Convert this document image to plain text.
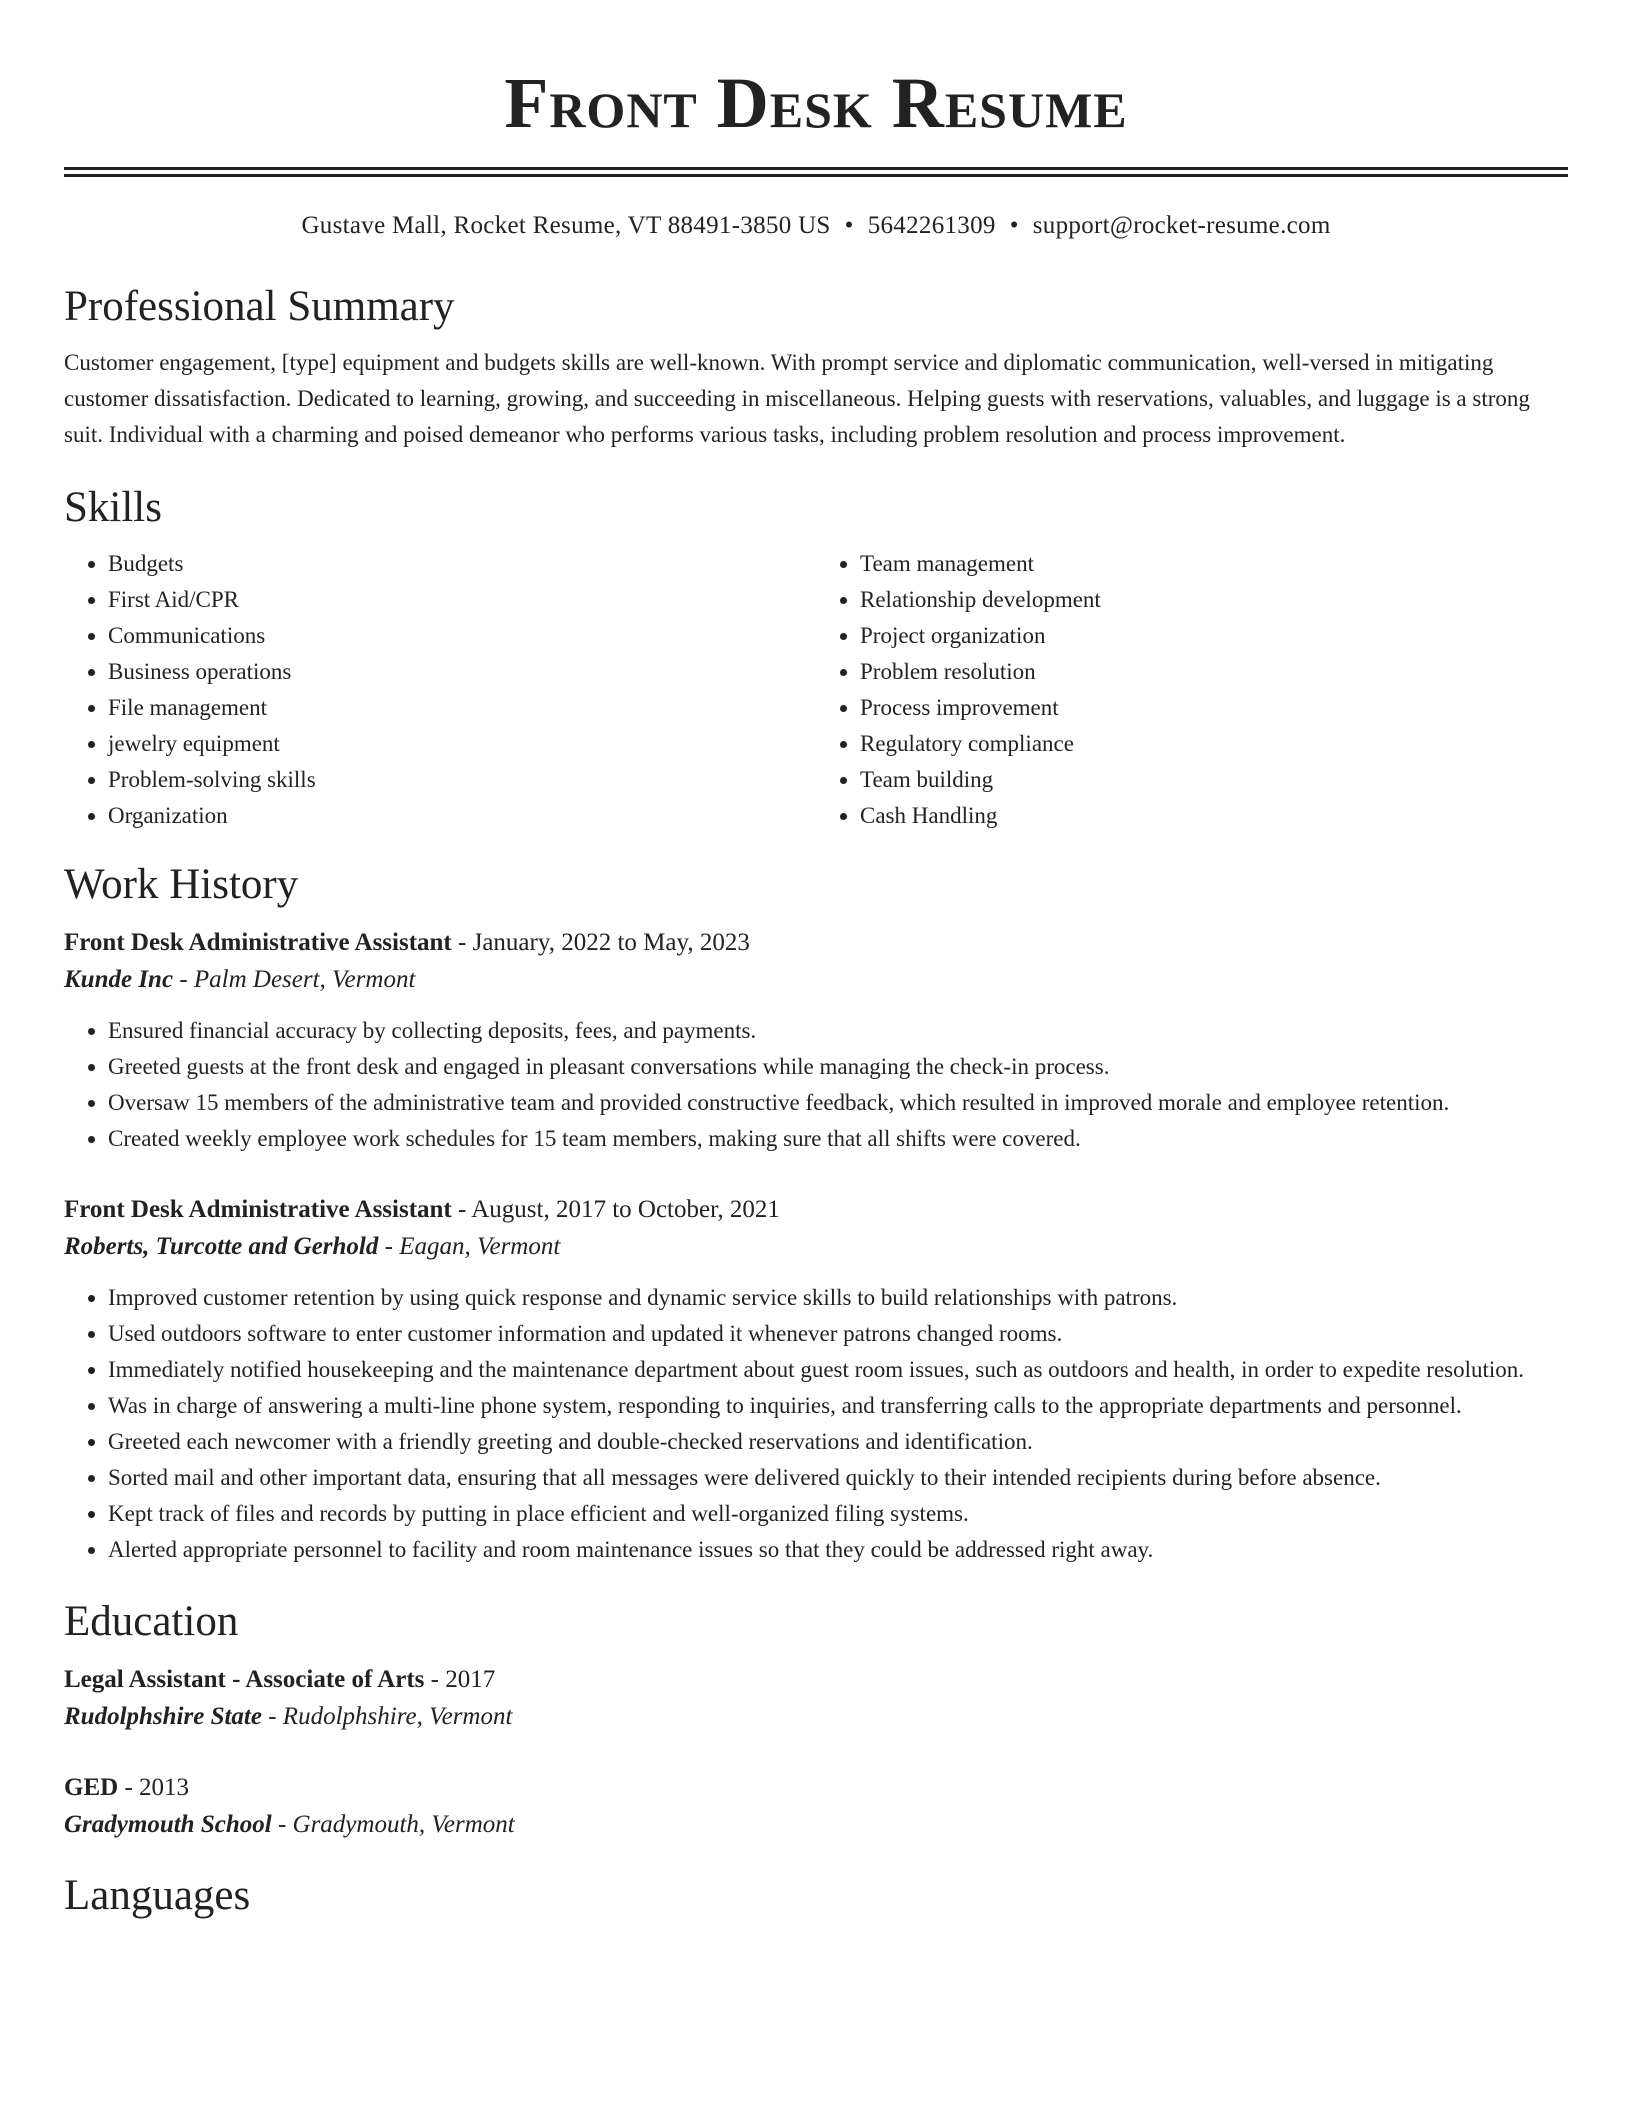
Front Desk Resume
Gustave Mall, Rocket Resume, VT 88491-3850 US • 5642261309 • support@rocket-resume.com
Professional Summary

Customer engagement, [type] equipment and budgets skills are well-known. With prompt service and diplomatic communication, well-versed in mitigating customer dissatisfaction. Dedicated to learning, growing, and succeeding in miscellaneous. Helping guests with reservations, valuables, and luggage is a strong suit. Individual with a charming and poised demeanor who performs various tasks, including problem resolution and process improvement.

Skills
• Budgets
• First Aid/CPR
• Communications
• Business operations
• File management
• jewelry equipment
• Problem-solving skills
• Organization
• Team management
• Relationship development
• Project organization
• Problem resolution
• Process improvement
• Regulatory compliance
• Team building
• Cash Handling
Work History
Front Desk Administrative Assistant - January, 2022 to May, 2023
Kunde Inc - Palm Desert, Vermont
• Ensured financial accuracy by collecting deposits, fees, and payments.
• Greeted guests at the front desk and engaged in pleasant conversations while managing the check-in process.
• Oversaw 15 members of the administrative team and provided constructive feedback, which resulted in improved morale and employee retention.
• Created weekly employee work schedules for 15 team members, making sure that all shifts were covered.
Front Desk Administrative Assistant - August, 2017 to October, 2021
Roberts, Turcotte and Gerhold - Eagan, Vermont
• Improved customer retention by using quick response and dynamic service skills to build relationships with patrons.
• Used outdoors software to enter customer information and updated it whenever patrons changed rooms.
• Immediately notified housekeeping and the maintenance department about guest room issues, such as outdoors and health, in order to expedite resolution.
• Was in charge of answering a multi-line phone system, responding to inquiries, and transferring calls to the appropriate departments and personnel.
• Greeted each newcomer with a friendly greeting and double-checked reservations and identification.
• Sorted mail and other important data, ensuring that all messages were delivered quickly to their intended recipients during before absence.
• Kept track of files and records by putting in place efficient and well-organized filing systems.
• Alerted appropriate personnel to facility and room maintenance issues so that they could be addressed right away.
Education
Legal Assistant - Associate of Arts - 2017
Rudolphshire State - Rudolphshire, Vermont
GED - 2013
Gradymouth School - Gradymouth, Vermont
Languages
